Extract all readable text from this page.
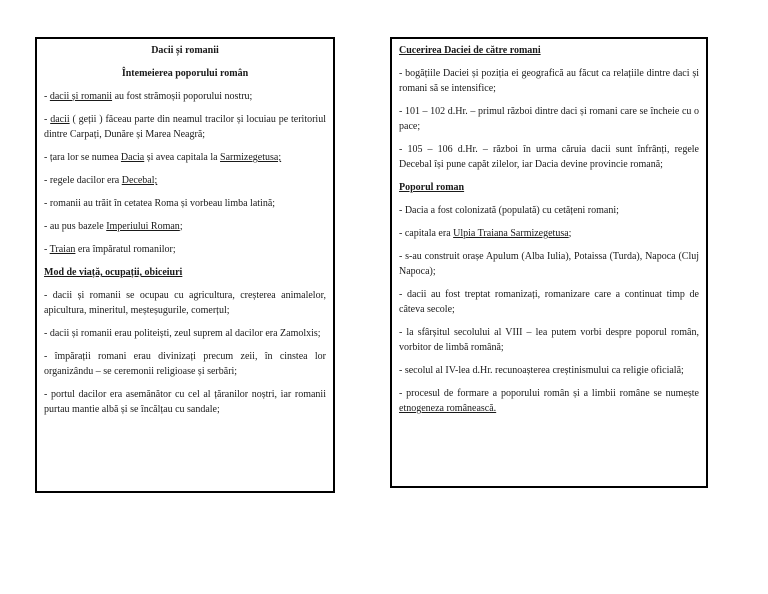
Dacii și romanii

Întemeierea poporului român

- dacii și romanii au fost strămoșii poporului nostru;

- dacii ( geții ) făceau parte din neamul tracilor și locuiau pe teritoriul dintre Carpați, Dunăre și Marea Neagră;

- țara lor se numea Dacia și avea capitala la Sarmizegetusa;

- regele dacilor era Decebal;

- romanii au trăit în cetatea Roma și vorbeau limba latină;

- au pus bazele Imperiului Roman;

- Traian era împăratul romanilor;

Mod de viață, ocupații, obiceiuri

- dacii și romanii se ocupau cu agricultura, creșterea animalelor, apicultura, mineritul, meșteșugurile, comerțul;

- dacii și romanii erau politeiști, zeul suprem al dacilor era Zamolxis;

- împărații romani erau divinizați precum zeii, în cinstea lor organizându – se ceremonii religioase și serbări;

- portul dacilor era asemănător cu cel al țăranilor noștri, iar romanii purtau mantie albă și se încălțau cu sandale;

Cucerirea Daciei de către romani

- bogățiile Daciei și poziția ei geografică au făcut ca relațiile dintre daci și romani să se intensifice;

- 101 – 102 d.Hr. – primul război dintre daci și romani care se încheie cu o pace;

- 105 – 106 d.Hr. – război în urma căruia dacii sunt înfrânți, regele Decebal își pune capăt zilelor, iar Dacia devine provincie romană;

Poporul roman

- Dacia a fost colonizată (populată) cu cetățeni romani;

- capitala era Ulpia Traiana Sarmizegetusa;

- s-au construit orașe Apulum (Alba Iulia), Potaissa (Turda), Napoca (Cluj Napoca);

- dacii au fost treptat romanizați, romanizare care a continuat timp de câteva secole;

- la sfârșitul secolului al VIII – lea putem vorbi despre poporul român, vorbitor de limbă română;

- secolul al IV-lea d.Hr. recunoașterea creștinismului ca religie oficială;

- procesul de formare a poporului român și a limbii române se numește etnogeneza românească.
